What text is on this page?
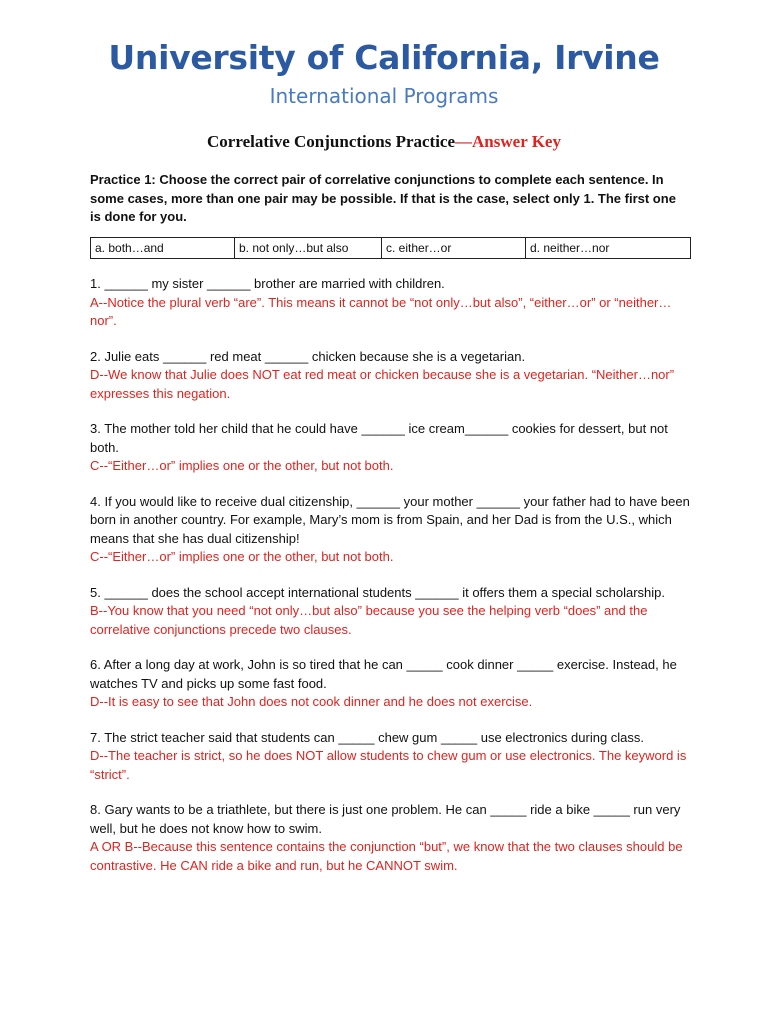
University of California, Irvine
International Programs
Correlative Conjunctions Practice—Answer Key

Practice 1: Choose the correct pair of correlative conjunctions to complete each sentence. In some cases, more than one pair may be possible. If that is the case, select only 1. The first one is done for you.

a. both…and	b. not only…but also	c. either…or	d. neither…nor

1. ______ my sister ______ brother are married with children.

A--Notice the plural verb “are”. This means it cannot be “not only…but also”, “either…or” or “neither…nor”.

2. Julie eats ______ red meat ______ chicken because she is a vegetarian.

D--We know that Julie does NOT eat red meat or chicken because she is a vegetarian. “Neither…nor” expresses this negation.

3. The mother told her child that he could have ______ ice cream______ cookies for dessert, but not both.

C--“Either…or” implies one or the other, but not both.

4. If you would like to receive dual citizenship, ______ your mother ______ your father had to have been born in another country. For example, Mary’s mom is from Spain, and her Dad is from the U.S., which means that she has dual citizenship!

C--“Either…or” implies one or the other, but not both.

5. ______ does the school accept international students ______ it offers them a special scholarship.

B--You know that you need “not only…but also” because you see the helping verb “does” and the correlative conjunctions precede two clauses.

6. After a long day at work, John is so tired that he can _____ cook dinner _____ exercise. Instead, he watches TV and picks up some fast food.

D--It is easy to see that John does not cook dinner and he does not exercise.

7. The strict teacher said that students can _____ chew gum _____ use electronics during class.

D--The teacher is strict, so he does NOT allow students to chew gum or use electronics. The keyword is “strict”.

8. Gary wants to be a triathlete, but there is just one problem. He can _____ ride a bike _____ run very well, but he does not know how to swim.

A OR B--Because this sentence contains the conjunction “but”, we know that the two clauses should be contrastive. He CAN ride a bike and run, but he CANNOT swim.
